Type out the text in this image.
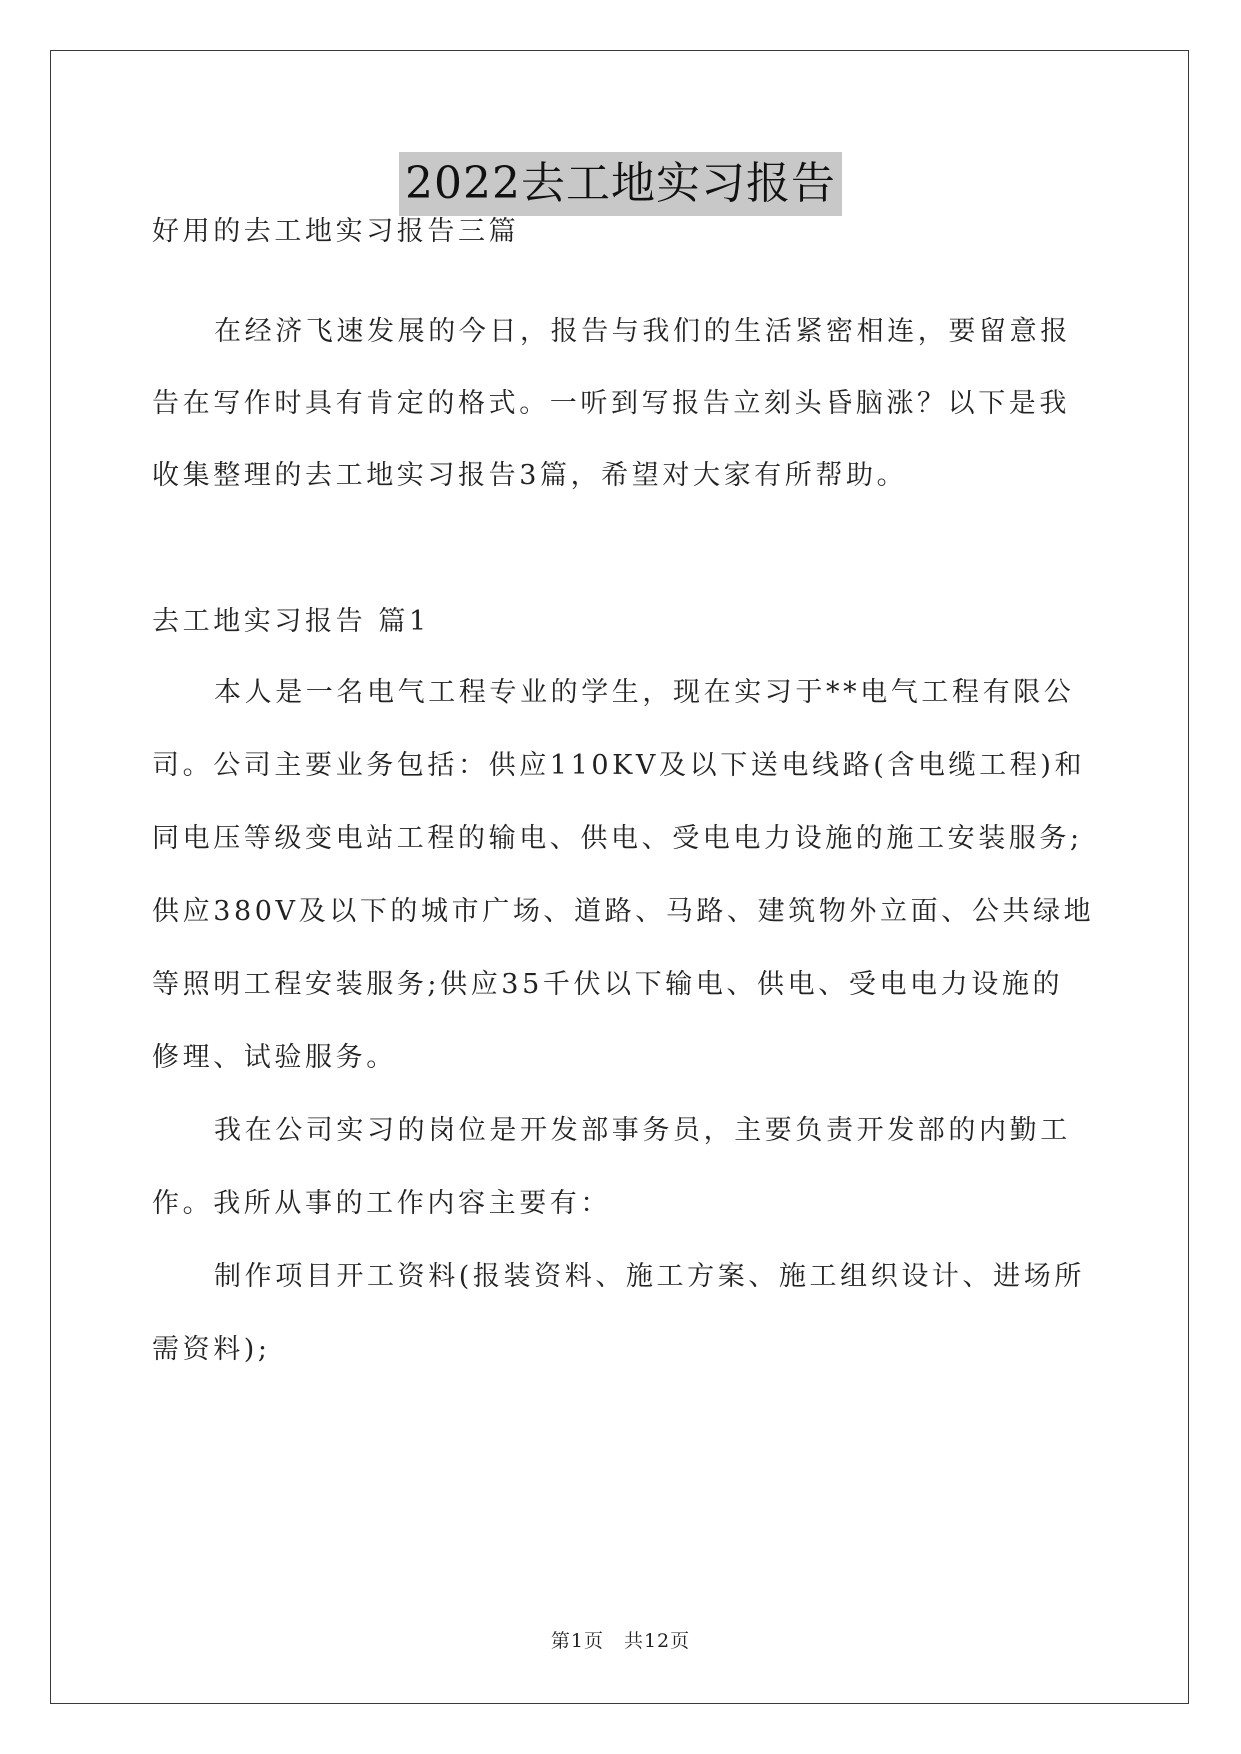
2022去工地实习报告
好用的去工地实习报告三篇
在经济飞速发展的今日，报告与我们的生活紧密相连，要留意报
告在写作时具有肯定的格式。一听到写报告立刻头昏脑涨？以下是我
收集整理的去工地实习报告3篇，希望对大家有所帮助。
去工地实习报告 篇1
本人是一名电气工程专业的学生，现在实习于**电气工程有限公
司。公司主要业务包括：供应110KV及以下送电线路(含电缆工程)和
同电压等级变电站工程的输电、供电、受电电力设施的施工安装服务;
供应380V及以下的城市广场、道路、马路、建筑物外立面、公共绿地
等照明工程安装服务;供应35千伏以下输电、供电、受电电力设施的
修理、试验服务。
我在公司实习的岗位是开发部事务员，主要负责开发部的内勤工
作。我所从事的工作内容主要有：
制作项目开工资料(报装资料、施工方案、施工组织设计、进场所
需资料);
第1页　共12页
